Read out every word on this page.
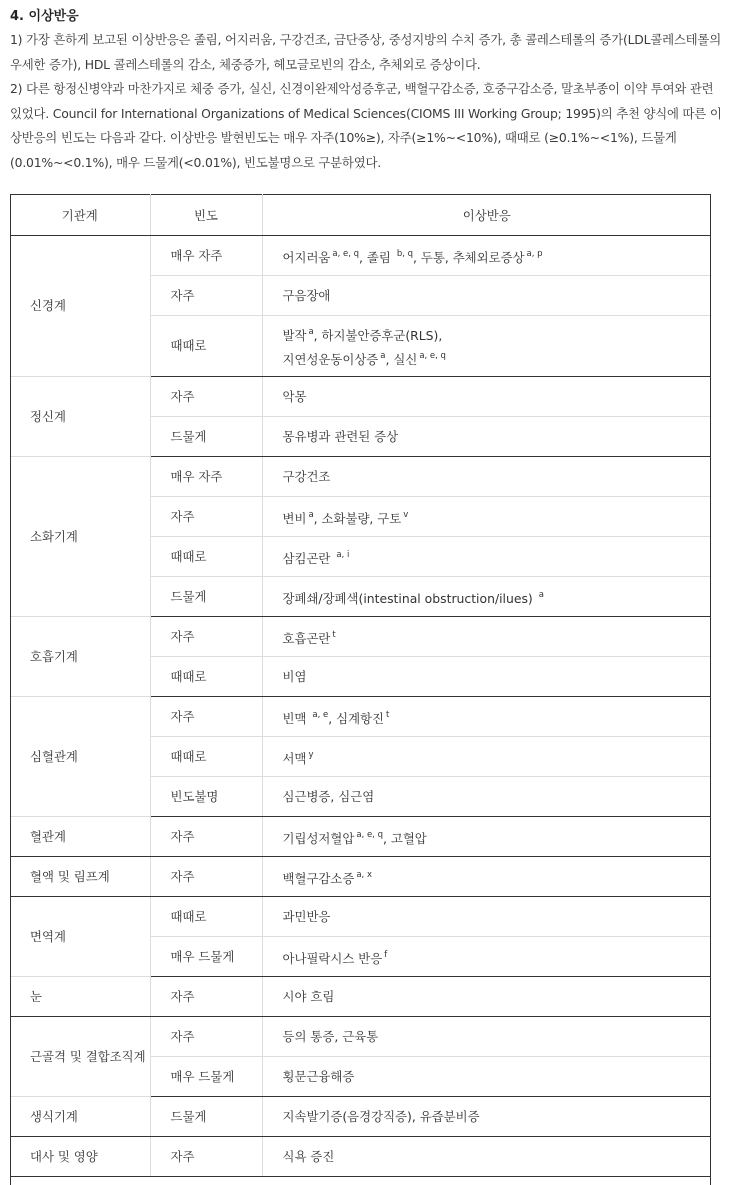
4. 이상반응

1) 가장 흔하게 보고된 이상반응은 졸림, 어지러움, 구강건조, 금단증상, 중성지방의 수치 증가, 총 콜레스테롤의 증가(LDL콜레스테롤의 우세한 증가), HDL 콜레스테롤의 감소, 체중증가, 헤모글로빈의 감소, 추체외로 증상이다.

2) 다른 항정신병약과 마찬가지로 체중 증가, 실신, 신경이완제악성증후군, 백혈구감소증, 호중구감소증, 말초부종이 이약 투여와 관련 있었다. Council for International Organizations of Medical Sciences(CIOMS III Working Group; 1995)의 추천 양식에 따른 이상반응의 빈도는 다음과 같다. 이상반응 발현빈도는 매우 자주(10%≥), 자주(≥1%~<10%), 때때로 (≥0.1%~<1%), 드물게(0.01%~<0.1%), 매우 드물게(<0.01%), 빈도불명으로 구분하였다.

기관계	빈도	이상반응
신경계	매우 자주	어지러움 $^{a, e, q}$, 졸림 $^{b, q}$, 두통, 추체외로증상 $^{a, p}$
	자주	구음장애
	때때로	발작 $^a$, 하지불안증후군(RLS),
지연성운동이상증 $^a$, 실신 $^{a, e, q}$
정신계	자주	악몽
	드물게	몽유병과 관련된 증상
소화기계	매우 자주	구강건조
	자주	변비 $^a$, 소화불량, 구토 $^v$
	때때로	삼킴곤란 $^{a, i}$
	드물게	장폐쇄/장폐색(intestinal obstruction/ilues) $^a$
호흡기계	자주	호흡곤란 $^t$
	때때로	비염
심혈관계	자주	빈맥 $^{a, e}$, 심계항진 $^t$
	때때로	서맥 $^y$
	빈도불명	심근병증, 심근염
혈관계	자주	기립성저혈압 $^{a, e, q}$, 고혈압
혈액 및 림프계	자주	백혈구감소증 $^{a, x}$
면역계	때때로	과민반응
	매우 드물게	아나필락시스 반응 $^f$
눈	자주	시야 흐림
근골격 및 결합조직계	자주	등의 통증, 근육통
	매우 드물게	횡문근융해증
생식기계	드물게	지속발기증(음경강직증), 유즙분비증
대사 및 영양	자주	식욕 증진
